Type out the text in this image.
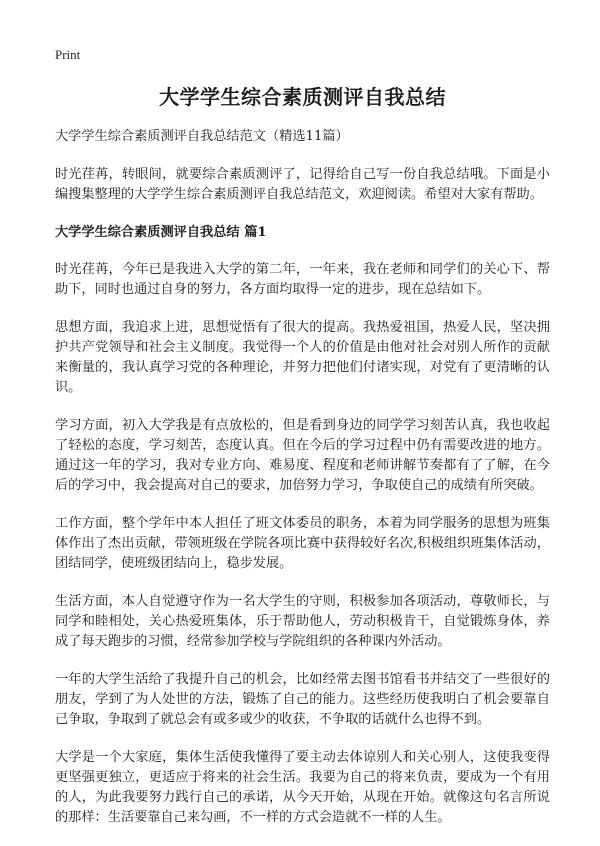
Print
大学学生综合素质测评自我总结

大学学生综合素质测评自我总结范文（精选11篇）

时光荏苒，转眼间，就要综合素质测评了，记得给自己写一份自我总结哦。下面是小编搜集整理的大学学生综合素质测评自我总结范文，欢迎阅读。希望对大家有帮助。

大学学生综合素质测评自我总结 篇1

时光荏苒，今年已是我进入大学的第二年，一年来，我在老师和同学们的关心下、帮助下，同时也通过自身的努力，各方面均取得一定的进步，现在总结如下。

思想方面，我追求上进，思想觉悟有了很大的提高。我热爱祖国，热爱人民，坚决拥护共产党领导和社会主义制度。我觉得一个人的价值是由他对社会对别人所作的贡献来衡量的，我认真学习党的各种理论，并努力把他们付诸实现，对党有了更清晰的认识。

学习方面，初入大学我是有点放松的，但是看到身边的同学学习刻苦认真，我也收起了轻松的态度，学习刻苦，态度认真。但在今后的学习过程中仍有需要改进的地方。通过这一年的学习，我对专业方向、难易度、程度和老师讲解节奏都有了了解，在今后的学习中，我会提高对自己的要求，加倍努力学习，争取使自己的成绩有所突破。

工作方面，整个学年中本人担任了班文体委员的职务，本着为同学服务的思想为班集体作出了杰出贡献，带领班级在学院各项比赛中获得较好名次,积极组织班集体活动，团结同学，使班级团结向上，稳步发展。

生活方面，本人自觉遵守作为一名大学生的守则，积极参加各项活动，尊敬师长，与同学和睦相处，关心热爱班集体，乐于帮助他人，劳动积极肯干，自觉锻炼身体，养成了每天跑步的习惯，经常参加学校与学院组织的各种课内外活动。

一年的大学生活给了我提升自己的机会，比如经常去图书馆看书并结交了一些很好的朋友，学到了为人处世的方法，锻炼了自己的能力。这些经历使我明白了机会要靠自己争取，争取到了就总会有或多或少的收获，不争取的话就什么也得不到。

大学是一个大家庭，集体生活使我懂得了要主动去体谅别人和关心别人，这使我变得更坚强更独立，更适应于将来的社会生活。我要为自己的将来负责，要成为一个有用的人，为此我要努力践行自己的承诺，从今天开始，从现在开始。就像这句名言所说的那样：生活要靠自己来勾画，不一样的方式会造就不一样的人生。
